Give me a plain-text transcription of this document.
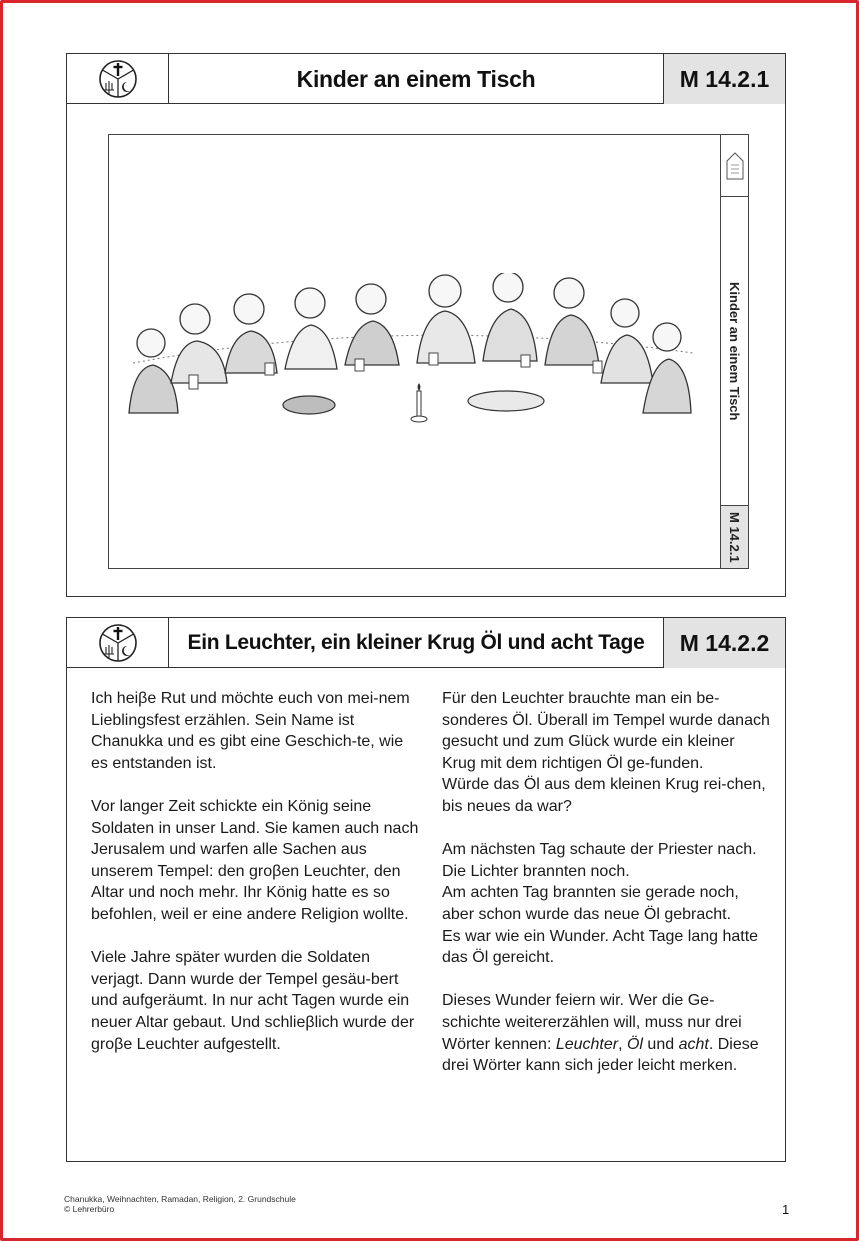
Kinder an einem Tisch	M 14.2.1
Kinder an einem Tisch
M 14.2.1
Ein Leuchter, ein kleiner Krug Öl und acht Tage	M 14.2.2

Ich heiβe Rut und möchte euch von mei-nem Lieblingsfest erzählen. Sein Name ist Chanukka und es gibt eine Geschich-te, wie es entstanden ist.

Vor langer Zeit schickte ein König seine Soldaten in unser Land. Sie kamen auch nach Jerusalem und warfen alle Sachen aus unserem Tempel: den groβen Leuchter, den Altar und noch mehr. Ihr König hatte es so befohlen, weil er eine andere Religion wollte.

Viele Jahre später wurden die Soldaten verjagt. Dann wurde der Tempel gesäu-bert und aufgeräumt. In nur acht Tagen wurde ein neuer Altar gebaut. Und schlieβlich wurde der groβe Leuchter aufgestellt.

Für den Leuchter brauchte man ein be-sonderes Öl. Überall im Tempel wurde danach gesucht und zum Glück wurde ein kleiner Krug mit dem richtigen Öl ge-funden.

Würde das Öl aus dem kleinen Krug rei-chen, bis neues da war?

Am nächsten Tag schaute der Priester nach. Die Lichter brannten noch.

Am achten Tag brannten sie gerade noch, aber schon wurde das neue Öl gebracht.

Es war wie ein Wunder. Acht Tage lang hatte das Öl gereicht.

Dieses Wunder feiern wir. Wer die Ge-schichte weitererzählen will, muss nur drei Wörter kennen: Leuchter, Öl und acht. Diese drei Wörter kann sich jeder leicht merken.

Chanukka, Weihnachten, Ramadan, Religion, 2. Grundschule
© Lehrerbüro	1
